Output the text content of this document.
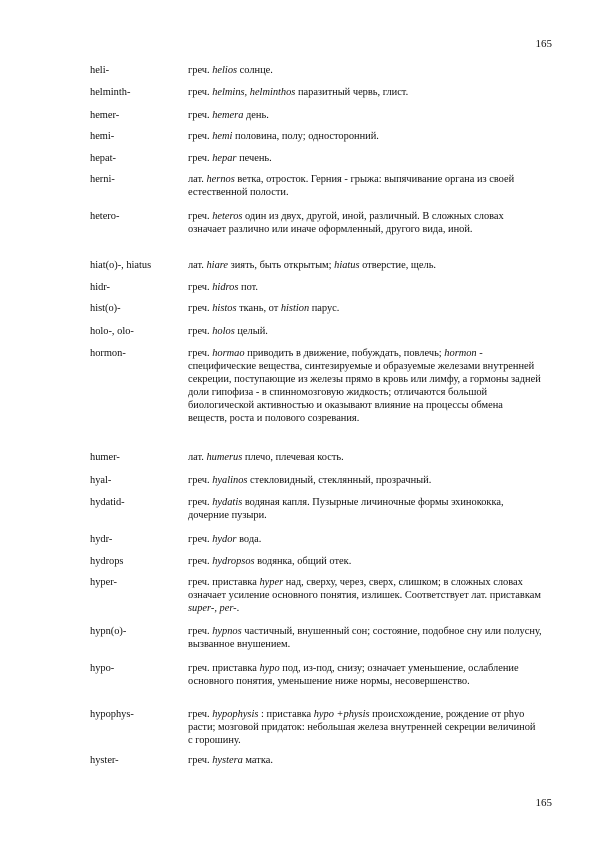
165
heli-	греч. helios солнце.
helminth-	греч. helmins, helminthos паразитный червь, глист.
hemer-	греч. hemera день.
hemi-	греч. hemi половина, полу; односторонний.
hepat-	греч. hepar печень.
herni-	лат. hernos ветка, отросток. Герния - грыжа: выпячивание органа из своей естественной полости.
hetero-	греч. heteros один из двух, другой, иной, различный. В сложных словах означает различно или иначе оформленный, другого вида, иной.
hiat(o)-, hiatus	лат. hiare зиять, быть открытым; hiatus отверстие, щель.
hidr-	греч. hidros пот.
hist(o)-	греч. histos ткань, от histion парус.
holo-, olo-	греч. holos целый.
hormon-	греч. hormao приводить в движение, побуждать, повлечь; hormon - специфические вещества, синтезируемые и образуемые железами внутренней секреции, поступающие из железы прямо в кровь или лимфу, а гормоны задней доли гипофиза - в спинномозговую жидкость; отличаются большой биологической активностью и оказывают влияние на процессы обмена веществ, роста и полового созревания.
humer-	лат. humerus плечо, плечевая кость.
hyal-	греч. hyalinos стекловидный, стеклянный, прозрачный.
hydatid-	греч. hydatis водяная капля. Пузырные личиночные формы эхинококка, дочерние пузыри.
hydr-	греч. hydor вода.
hydrops	греч. hydropsos водянка, общий отек.
hyper-	греч. приставка hyper над, сверху, через, сверх, слишком; в сложных словах означает усиление основного понятия, излишек. Соответствует лат. приставкам super-, per-.
hypn(o)-	греч. hypnos частичный, внушенный сон; состояние, подобное сну или полусну, вызванное внушением.
hypo-	греч. приставка hypo под, из-под, снизу; означает уменьшение, ослабление основного понятия, уменьшение ниже нормы, несовершенство.
hypophys-	греч. hypophysis : приставка hypo +physis происхождение, рождение от phyo расти; мозговой придаток: небольшая железа внутренней секреции величиной с горошину.
hyster-	греч. hystera матка.
165
